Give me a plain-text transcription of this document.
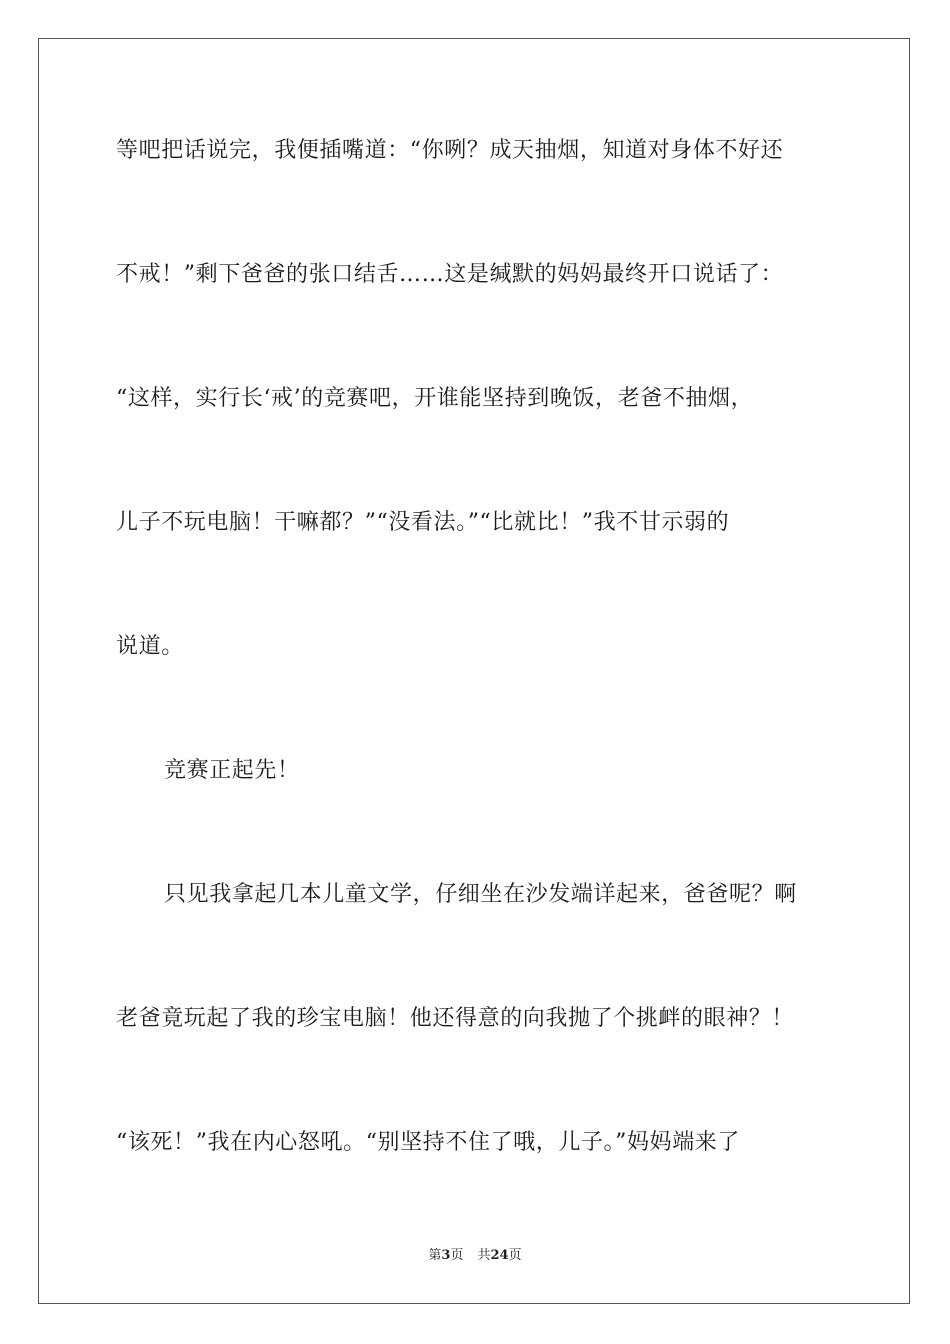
等吧把话说完，我便插嘴道：“你咧？成天抽烟，知道对身体不好还
不戒！”剩下爸爸的张口结舌……这是缄默的妈妈最终开口说话了：
“这样，实行长‘戒’的竞赛吧，开谁能坚持到晚饭，老爸不抽烟，
儿子不玩电脑！干嘛都？”“没看法。”“比就比！”我不甘示弱的
说道。
竞赛正起先！
只见我拿起几本儿童文学，仔细坐在沙发端详起来，爸爸呢？啊
老爸竟玩起了我的珍宝电脑！他还得意的向我抛了个挑衅的眼神？！
“该死！”我在内心怒吼。“别坚持不住了哦，儿子。”妈妈端来了
第3页 共24页
